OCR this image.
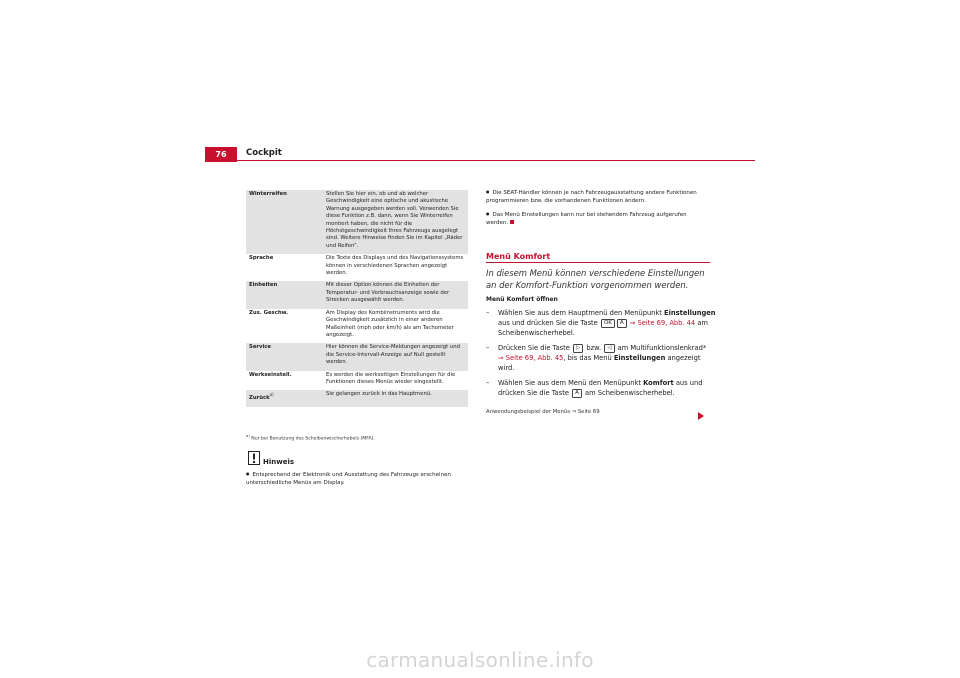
76	Cockpit
Winterreifen	Stellen Sie hier ein, ob und ab welcher Geschwindigkeit eine optische und akustische Warnung ausgegeben werden soll. Verwenden Sie diese Funktion z.B. dann, wenn Sie Winterreifen montiert haben, die nicht für die Höchstgeschwindigkeit Ihres Fahrzeugs ausgelegt sind. Weitere Hinweise finden Sie im Kapitel „Räder und Reifen“.
Sprache	Die Texte des Displays und des Navigationssystems können in verschiedenen Sprachen angezeigt werden.
Einheiten	Mit dieser Option können die Einheiten der Temperatur- und Verbrauchsanzeige sowie der Strecken ausgewählt werden.
Zus. Geschw.	Am Display des Kombiinstruments wird die Geschwindigkeit zusätzlich in einer anderen Maßeinheit (mph oder km/h) als am Tachometer angezeigt.
Service	Hier können die Service-Meldungen angezeigt und die Service-Intervall-Anzeige auf Null gestellt werden.
Werkseinstell.	Es werden die werkseitigen Einstellungen für die Funktionen dieses Menüs wieder eingestellt.
Zurück$^{a)}$	Sie gelangen zurück in das Hauptmenü.
$^{a)}$ Nur bei Benutzung des Scheibenwischerhebels (MFA).
Hinweis
● Entsprechend der Elektronik und Ausstattung des Fahrzeugs erscheinen unterschiedliche Menüs am Display.
● Die SEAT-Händler können je nach Fahrzeugausstattung andere Funktionen programmieren bzw. die vorhandenen Funktionen ändern.
● Das Menü Einstellungen kann nur bei stehendem Fahrzeug aufgerufen werden.
Menü Komfort
In diesem Menü können verschiedene Einstellungen an der Komfort-Funktion vorgenommen werden.
Menü Komfort öffnen
–	Wählen Sie aus dem Hauptmenü den Menüpunkt Einstellungen aus und drücken Sie die Taste OK A ⇒ Seite 69, Abb. 44 am Scheibenwischerhebel.
–	Drücken Sie die Taste ▷ bzw. ◁ am Multifunktionslenkrad*
⇒ Seite 69, Abb. 45, bis das Menü Einstellungen angezeigt wird.
–	Wählen Sie aus dem Menü den Menüpunkt Komfort aus und drücken Sie die Taste A am Scheibenwischerhebel.
Anwendungsbeispiel der Menüs ⇒ Seite 69
carmanualsonline.info
